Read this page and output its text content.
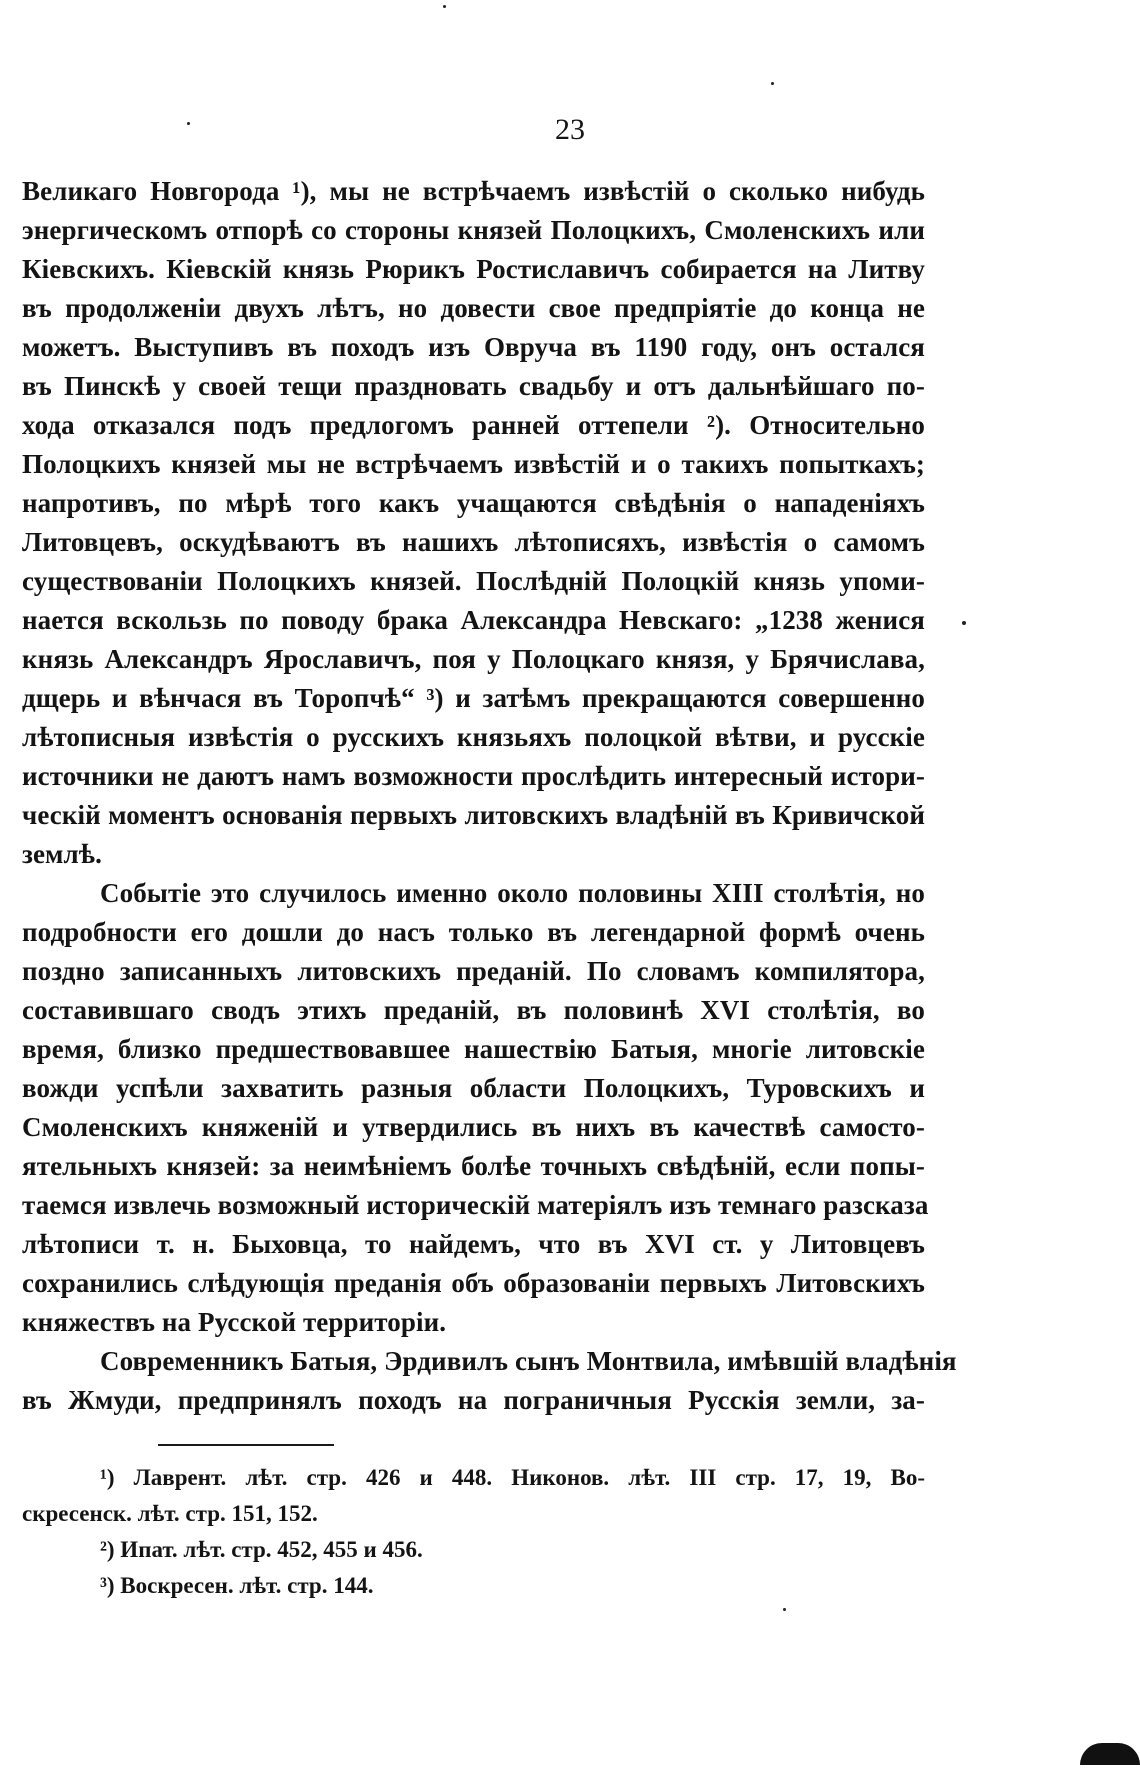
23
Великаго Новгорода ¹), мы не встрѣчаемъ извѣстій о сколько нибудь
энергическомъ отпорѣ со стороны князей Полоцкихъ, Смоленскихъ или
Кіевскихъ. Кіевскій князь Рюрикъ Ростиславичъ собирается на Литву
въ продолженіи двухъ лѣтъ, но довести свое предпріятіе до конца не
можетъ. Выступивъ въ походъ изъ Овруча въ 1190 году, онъ остался
въ Пинскѣ у своей тещи праздновать свадьбу и отъ дальнѣйшаго по-
хода отказался подъ предлогомъ ранней оттепели ²). Относительно
Полоцкихъ князей мы не встрѣчаемъ извѣстій и о такихъ попыткахъ;
напротивъ, по мѣрѣ того какъ учащаются свѣдѣнія о нападеніяхъ
Литовцевъ, оскудѣваютъ въ нашихъ лѣтописяхъ, извѣстія о самомъ
существованіи Полоцкихъ князей. Послѣдній Полоцкій князь упоми-
нается вскользь по поводу брака Александра Невскаго: „1238 женися
князь Александръ Ярославичъ, поя у Полоцкаго князя, у Брячислава,
дщерь и вѣнчася въ Торопчѣ“ ³) и затѣмъ прекращаются совершенно
лѣтописныя извѣстія о русскихъ князьяхъ полоцкой вѣтви, и русскіе
источники не даютъ намъ возможности прослѣдить интересный истори-
ческій моментъ основанія первыхъ литовскихъ владѣній въ Кривичской
землѣ.
Событіе это случилось именно около половины XIII столѣтія, но
подробности его дошли до насъ только въ легендарной формѣ очень
поздно записанныхъ литовскихъ преданій. По словамъ компилятора,
составившаго сводъ этихъ преданій, въ половинѣ XVI столѣтія, во
время, близко предшествовавшее нашествію Батыя, многіе литовскіе
вожди успѣли захватить разныя области Полоцкихъ, Туровскихъ и
Смоленскихъ княженій и утвердились въ нихъ въ качествѣ самосто-
ятельныхъ князей: за неимѣніемъ болѣе точныхъ свѣдѣній, если попы-
таемся извлечь возможный историческій матеріялъ изъ темнаго разсказа
лѣтописи т. н. Быховца, то найдемъ, что въ XVI ст. у Литовцевъ
сохранились слѣдующія преданія объ образованіи первыхъ Литовскихъ
княжествъ на Русской территоріи.
Современникъ Батыя, Эрдивилъ сынъ Монтвила, имѣвшій владѣнія
въ Жмуди, предпринялъ походъ на пограничныя Русскія земли, за-
¹) Лаврент. лѣт. стр. 426 и 448. Никонов. лѣт. III стр. 17, 19, Во-
скресенск. лѣт. стр. 151, 152.
²) Ипат. лѣт. стр. 452, 455 и 456.
³) Воскресен. лѣт. стр. 144.
